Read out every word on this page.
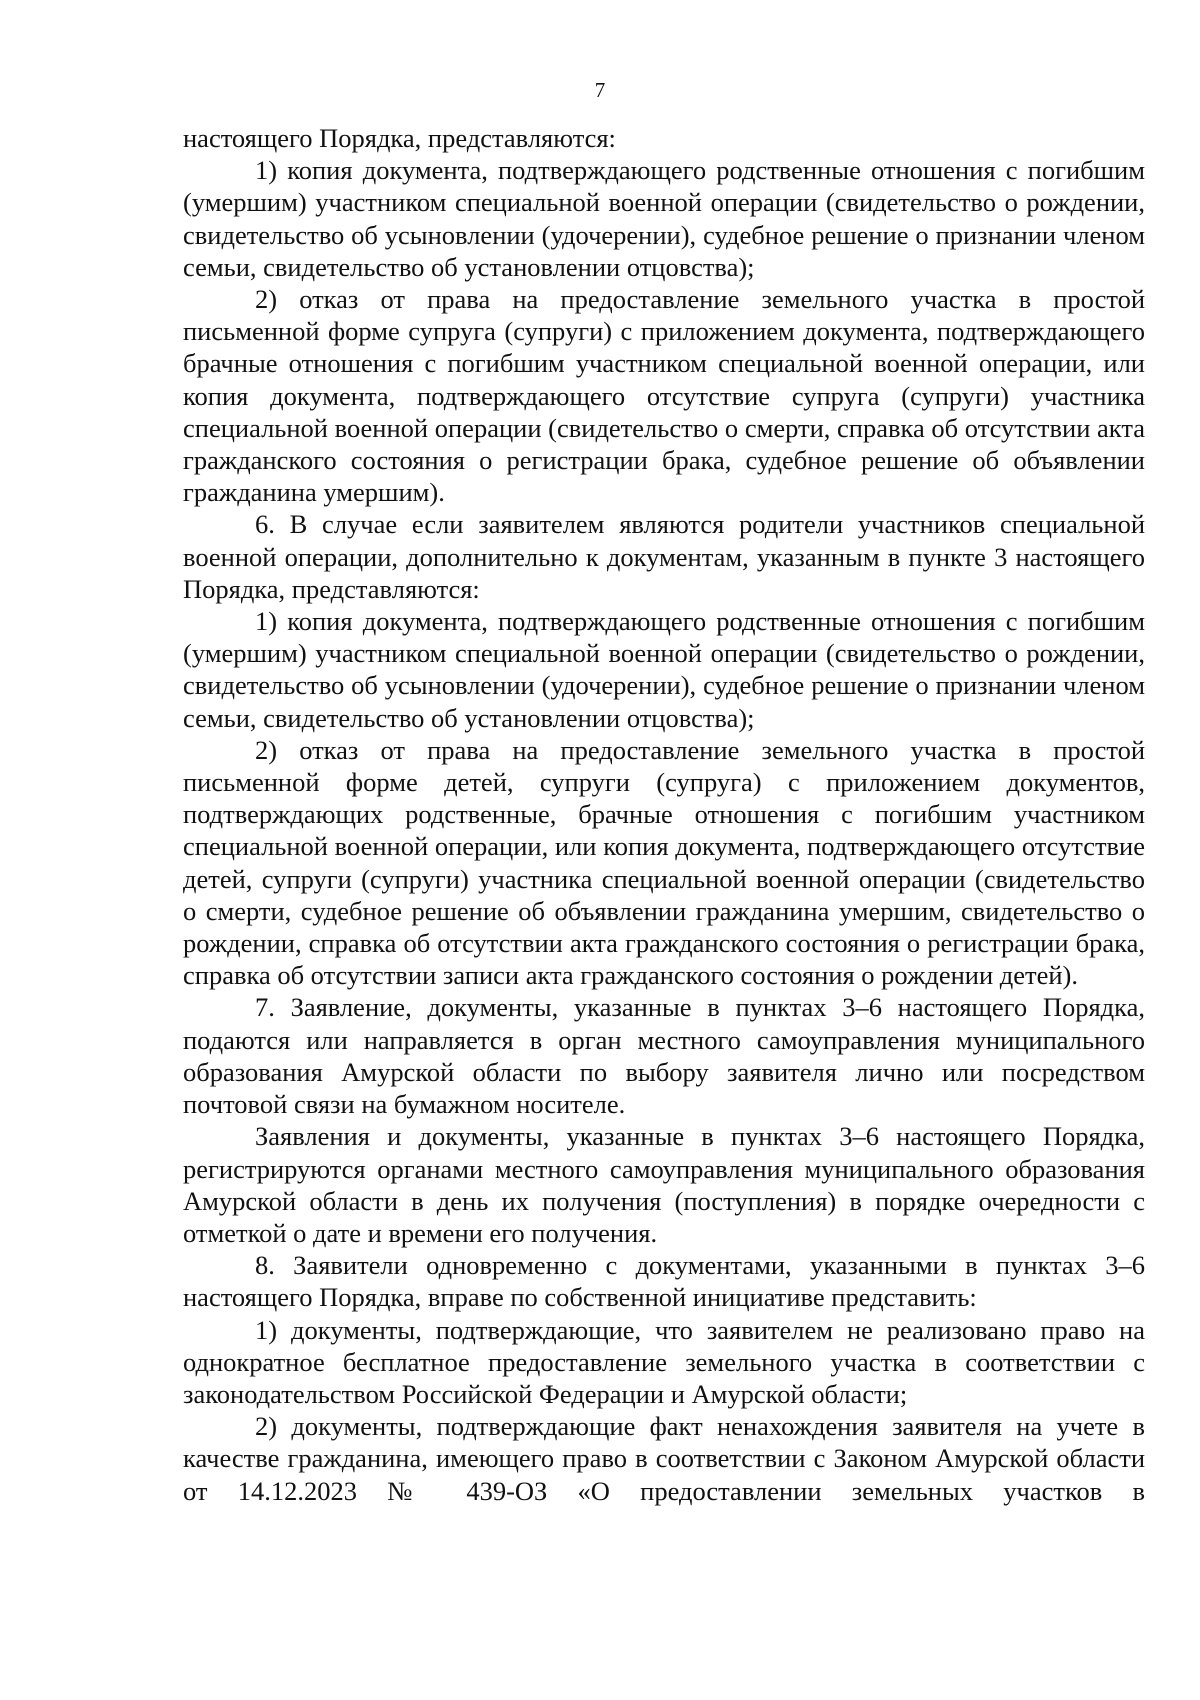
7

настоящего Порядка, представляются:

1) копия документа, подтверждающего родственные отношения с погибшим (умершим) участником специальной военной операции (свидетельство о рождении, свидетельство об усыновлении (удочерении), судебное решение о признании членом семьи, свидетельство об установлении отцовства);

2) отказ от права на предоставление земельного участка в простой письменной форме супруга (супруги) с приложением документа, подтверждающего брачные отношения с погибшим участником специальной военной операции, или копия документа, подтверждающего отсутствие супруга (супруги) участника специальной военной операции (свидетельство о смерти, справка об отсутствии акта гражданского состояния о регистрации брака, судебное решение об объявлении гражданина умершим).

6. В случае если заявителем являются родители участников специальной военной операции, дополнительно к документам, указанным в пункте 3 настоящего Порядка, представляются:

1) копия документа, подтверждающего родственные отношения с погибшим (умершим) участником специальной военной операции (свидетельство о рождении, свидетельство об усыновлении (удочерении), судебное решение о признании членом семьи, свидетельство об установлении отцовства);

2) отказ от права на предоставление земельного участка в простой письменной форме детей, супруги (супруга) с приложением документов, подтверждающих родственные, брачные отношения с погибшим участником специальной военной операции, или копия документа, подтверждающего отсутствие детей, супруги (супруги) участника специальной военной операции (свидетельство о смерти, судебное решение об объявлении гражданина умершим, свидетельство о рождении, справка об отсутствии акта гражданского состояния о регистрации брака, справка об отсутствии записи акта гражданского состояния о рождении детей).

7. Заявление, документы, указанные в пунктах 3–6 настоящего Порядка, подаются или направляется в орган местного самоуправления муниципального образования Амурской области по выбору заявителя лично или посредством почтовой связи на бумажном носителе.

Заявления и документы, указанные в пунктах 3–6 настоящего Порядка, регистрируются органами местного самоуправления муниципального образования Амурской области в день их получения (поступления) в порядке очередности с отметкой о дате и времени его получения.

8. Заявители одновременно с документами, указанными в пунктах 3–6 настоящего Порядка, вправе по собственной инициативе представить:

1) документы, подтверждающие, что заявителем не реализовано право на однократное бесплатное предоставление земельного участка в соответствии с законодательством Российской Федерации и Амурской области;

2) документы, подтверждающие факт ненахождения заявителя на учете в качестве гражданина, имеющего право в соответствии с Законом Амурской области от 14.12.2023 № 439-ОЗ «О предоставлении земельных участков в
